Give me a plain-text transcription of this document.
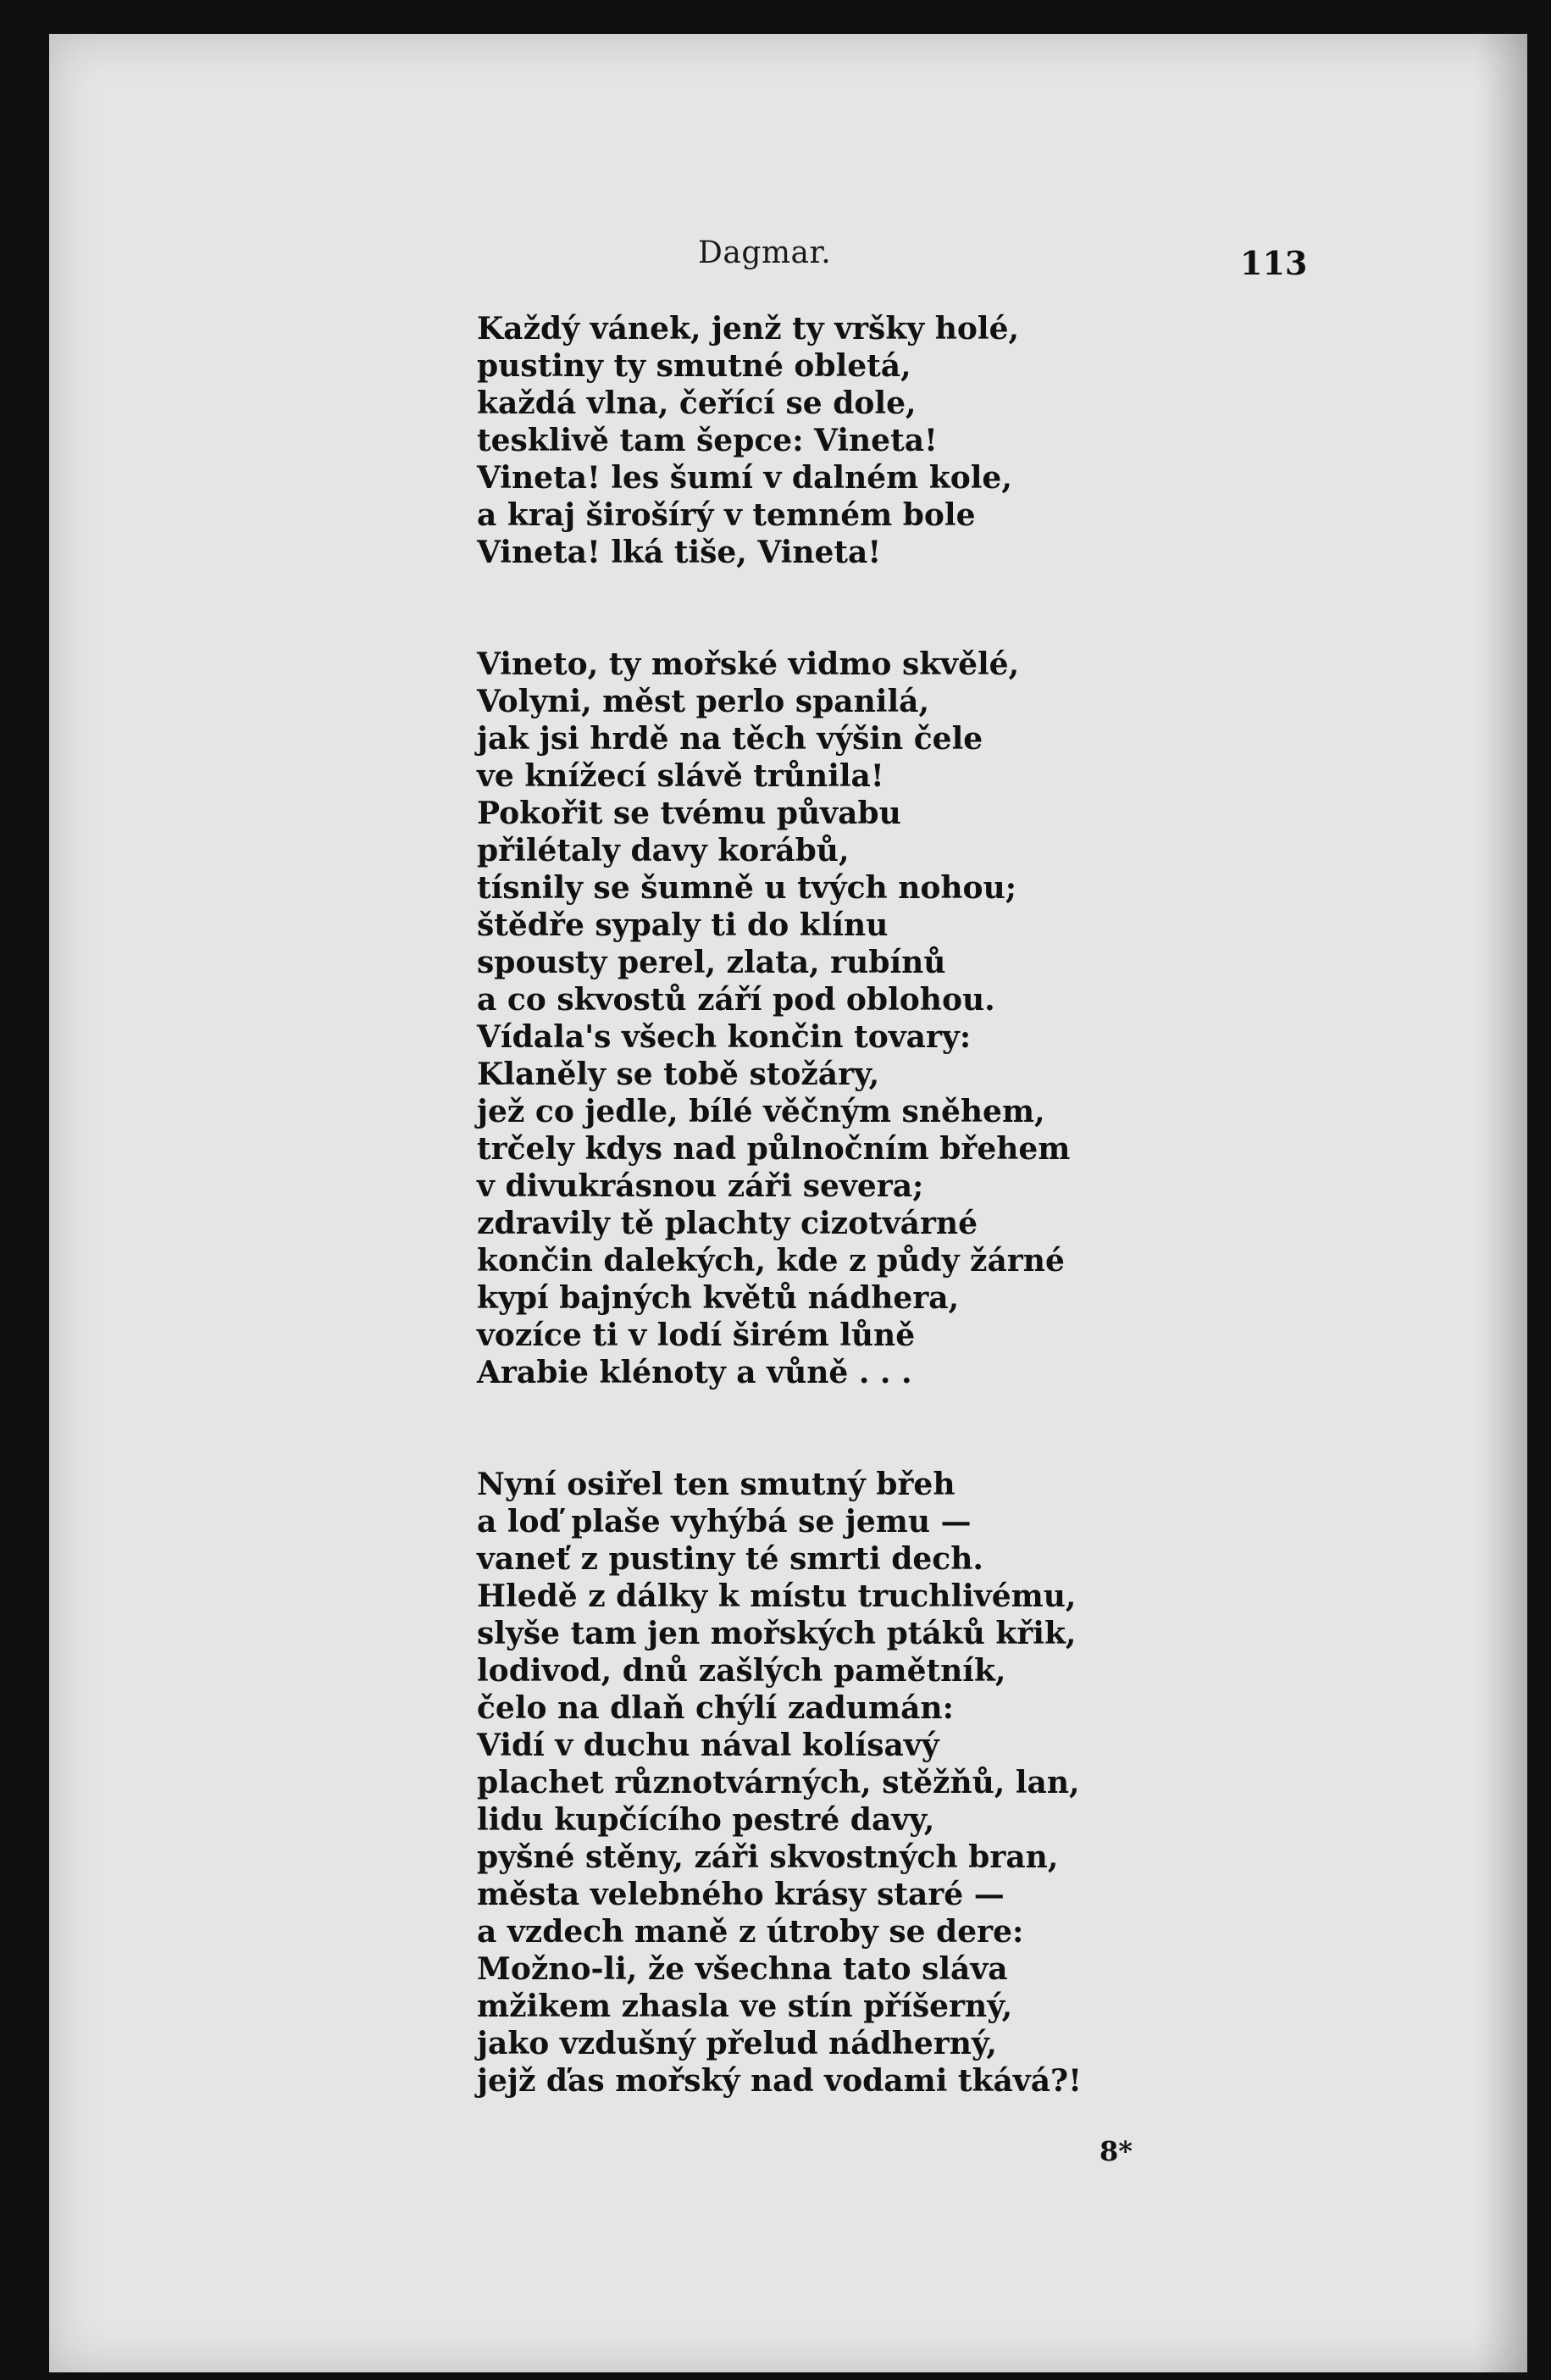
Dagmar.	113
Každý vánek, jenž ty vršky holé,
pustiny ty smutné obletá,
každá vlna, čeřící se dole,
tesklivě tam šepce: Vineta!
Vineta! les šumí v dalném kole,
a kraj širošírý v temném bole
Vineta! lká tiše, Vineta!
Vineto, ty mořské vidmo skvělé,
Volyni, měst perlo spanilá,
jak jsi hrdě na těch výšin čele
ve knížecí slávě trůnila!
Pokořit se tvému půvabu
přilétaly davy korábů,
tísnily se šumně u tvých nohou;
štědře sypaly ti do klínu
spousty perel, zlata, rubínů
a co skvostů září pod oblohou.
Vídala's všech končin tovary:
Klaněly se tobě stožáry,
jež co jedle, bílé věčným sněhem,
trčely kdys nad půlnočním břehem
v divukrásnou záři severa;
zdravily tě plachty cizotvárné
končin dalekých, kde z půdy žárné
kypí bajných květů nádhera,
vozíce ti v lodí širém lůně
Arabie klénoty a vůně . . .
Nyní osiřel ten smutný břeh
a loď plaše vyhýbá se jemu —
vaneť z pustiny té smrti dech.
Hledě z dálky k místu truchlivému,
slyše tam jen mořských ptáků křik,
lodivod, dnů zašlých pamětník,
čelo na dlaň chýlí zadumán:
Vidí v duchu nával kolísavý
plachet různotvárných, stěžňů, lan,
lidu kupčícího pestré davy,
pyšné stěny, záři skvostných bran,
města velebného krásy staré —
a vzdech maně z útroby se dere:
Možno-li, že všechna tato sláva
mžikem zhasla ve stín příšerný,
jako vzdušný přelud nádherný,
jejž ďas mořský nad vodami tkává?!
8*
